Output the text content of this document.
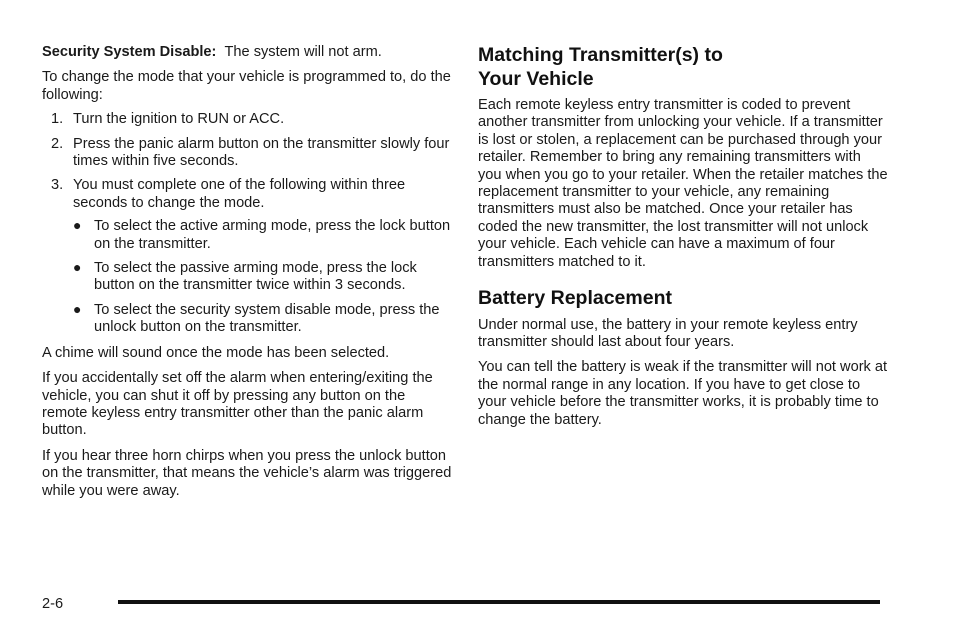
Security System Disable: The system will not arm.

To change the mode that your vehicle is programmed to, do the following:

1. Turn the ignition to RUN or ACC.
2. Press the panic alarm button on the transmitter slowly four times within five seconds.
3. You must complete one of the following within three seconds to change the mode.
● To select the active arming mode, press the lock button on the transmitter.
● To select the passive arming mode, press the lock button on the transmitter twice within 3 seconds.
● To select the security system disable mode, press the unlock button on the transmitter.

A chime will sound once the mode has been selected.

If you accidentally set off the alarm when entering/exiting the vehicle, you can shut it off by pressing any button on the remote keyless entry transmitter other than the panic alarm button.

If you hear three horn chirps when you press the unlock button on the transmitter, that means the vehicle’s alarm was triggered while you were away.

Matching Transmitter(s) to
Your Vehicle

Each remote keyless entry transmitter is coded to prevent another transmitter from unlocking your vehicle. If a transmitter is lost or stolen, a replacement can be purchased through your retailer. Remember to bring any remaining transmitters with you when you go to your retailer. When the retailer matches the replacement transmitter to your vehicle, any remaining transmitters must also be matched. Once your retailer has coded the new transmitter, the lost transmitter will not unlock your vehicle. Each vehicle can have a maximum of four transmitters matched to it.

Battery Replacement

Under normal use, the battery in your remote keyless entry transmitter should last about four years.

You can tell the battery is weak if the transmitter will not work at the normal range in any location. If you have to get close to your vehicle before the transmitter works, it is probably time to change the battery.

2-6
